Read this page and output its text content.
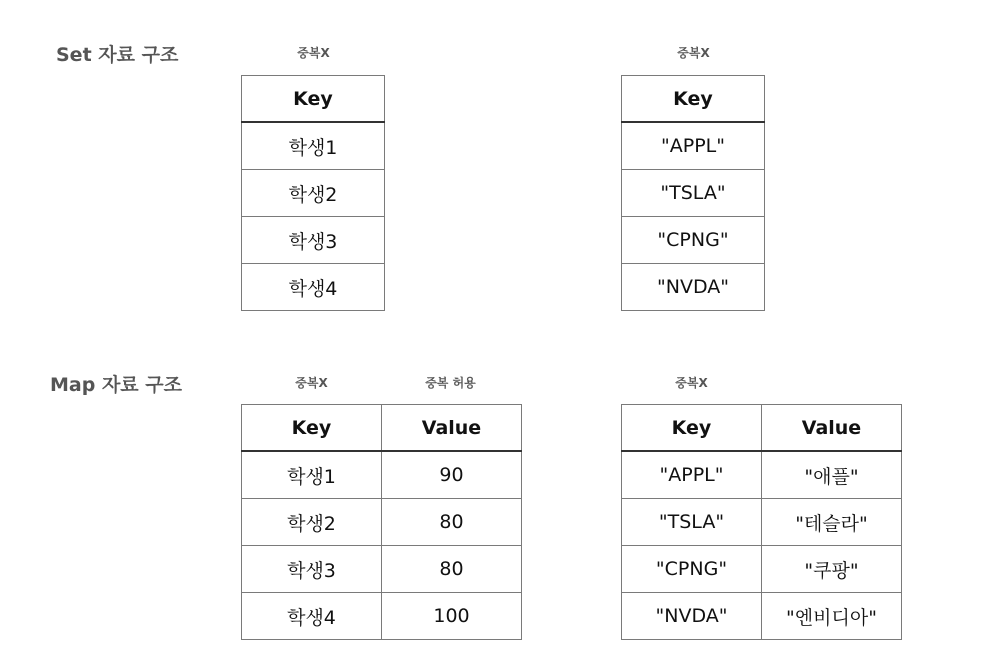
Set 자료 구조	중복X
Key
학생1
학생2
학생3
학생4
중복X
Key
"APPL"
"TSLA"
"CPNG"
"NVDA"
Map 자료 구조	중복X	중복 허용
Key	Value
학생1	90
학생2	80
학생3	80
학생4	100
중복X
Key	Value
"APPL"	"애플"
"TSLA"	"테슬라"
"CPNG"	"쿠팡"
"NVDA"	"엔비디아"
